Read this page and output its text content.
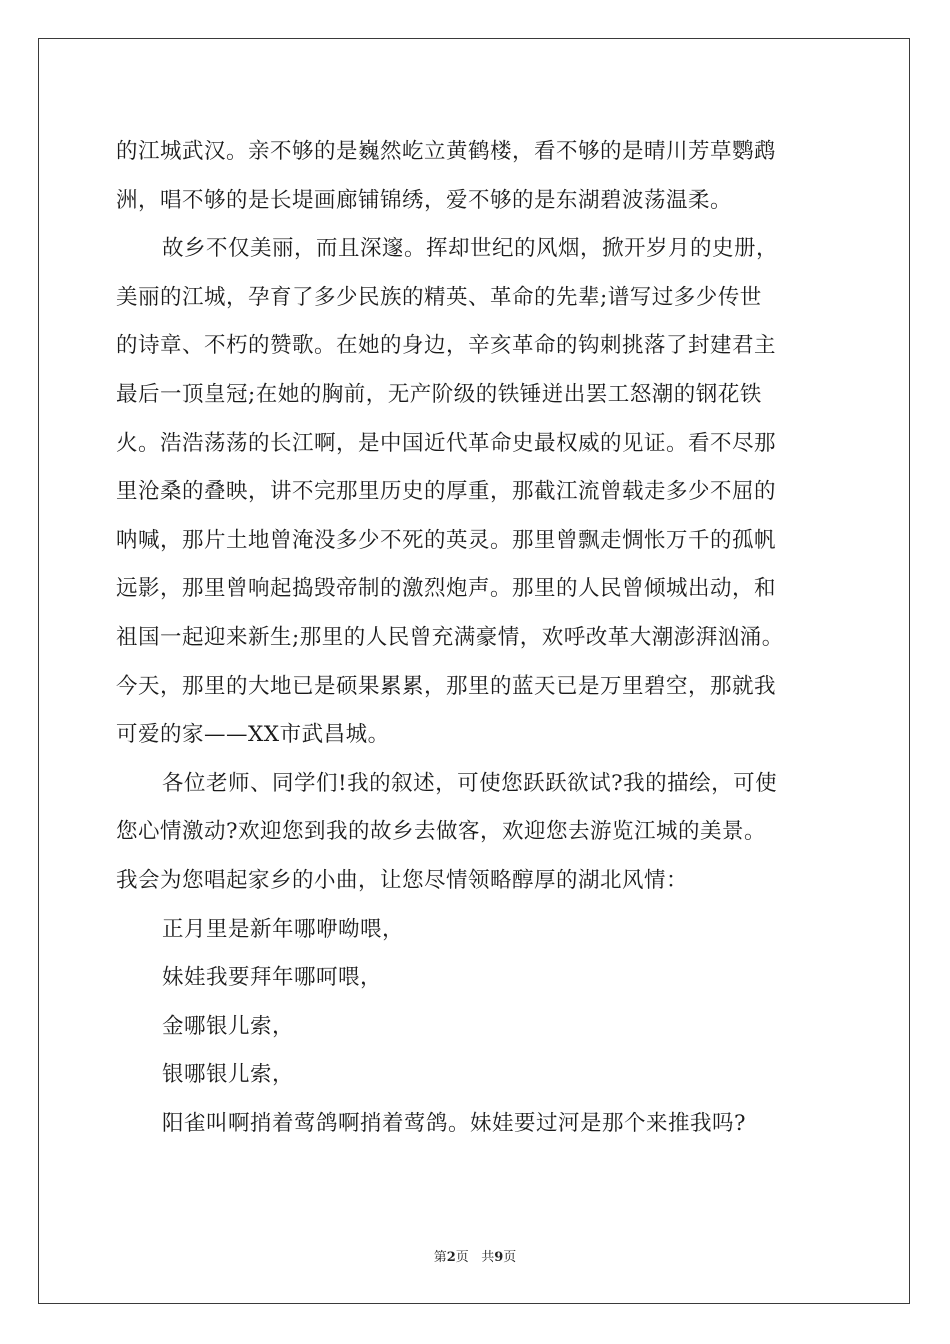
的江城武汉。亲不够的是巍然屹立黄鹤楼，看不够的是晴川芳草鹦鹉
洲，唱不够的是长堤画廊铺锦绣，爱不够的是东湖碧波荡温柔。
故乡不仅美丽，而且深邃。挥却世纪的风烟，掀开岁月的史册，
美丽的江城，孕育了多少民族的精英、革命的先辈;谱写过多少传世
的诗章、不朽的赞歌。在她的身边，辛亥革命的钩刺挑落了封建君主
最后一顶皇冠;在她的胸前，无产阶级的铁锤迸出罢工怒潮的钢花铁
火。浩浩荡荡的长江啊，是中国近代革命史最权威的见证。看不尽那
里沧桑的叠映，讲不完那里历史的厚重，那截江流曾载走多少不屈的
呐喊，那片土地曾淹没多少不死的英灵。那里曾飘走惆怅万千的孤帆
远影，那里曾响起捣毁帝制的激烈炮声。那里的人民曾倾城出动，和
祖国一起迎来新生;那里的人民曾充满豪情，欢呼改革大潮澎湃汹涌。
今天，那里的大地已是硕果累累，那里的蓝天已是万里碧空，那就我
可爱的家——XX市武昌城。
各位老师、同学们!我的叙述，可使您跃跃欲试?我的描绘，可使
您心情激动?欢迎您到我的故乡去做客，欢迎您去游览江城的美景。
我会为您唱起家乡的小曲，让您尽情领略醇厚的湖北风情：
正月里是新年哪咿呦喂，
妹娃我要拜年哪呵喂，
金哪银儿索，
银哪银儿索，
阳雀叫啊捎着莺鸽啊捎着莺鸽。妹娃要过河是那个来推我吗?
第2页 共9页
